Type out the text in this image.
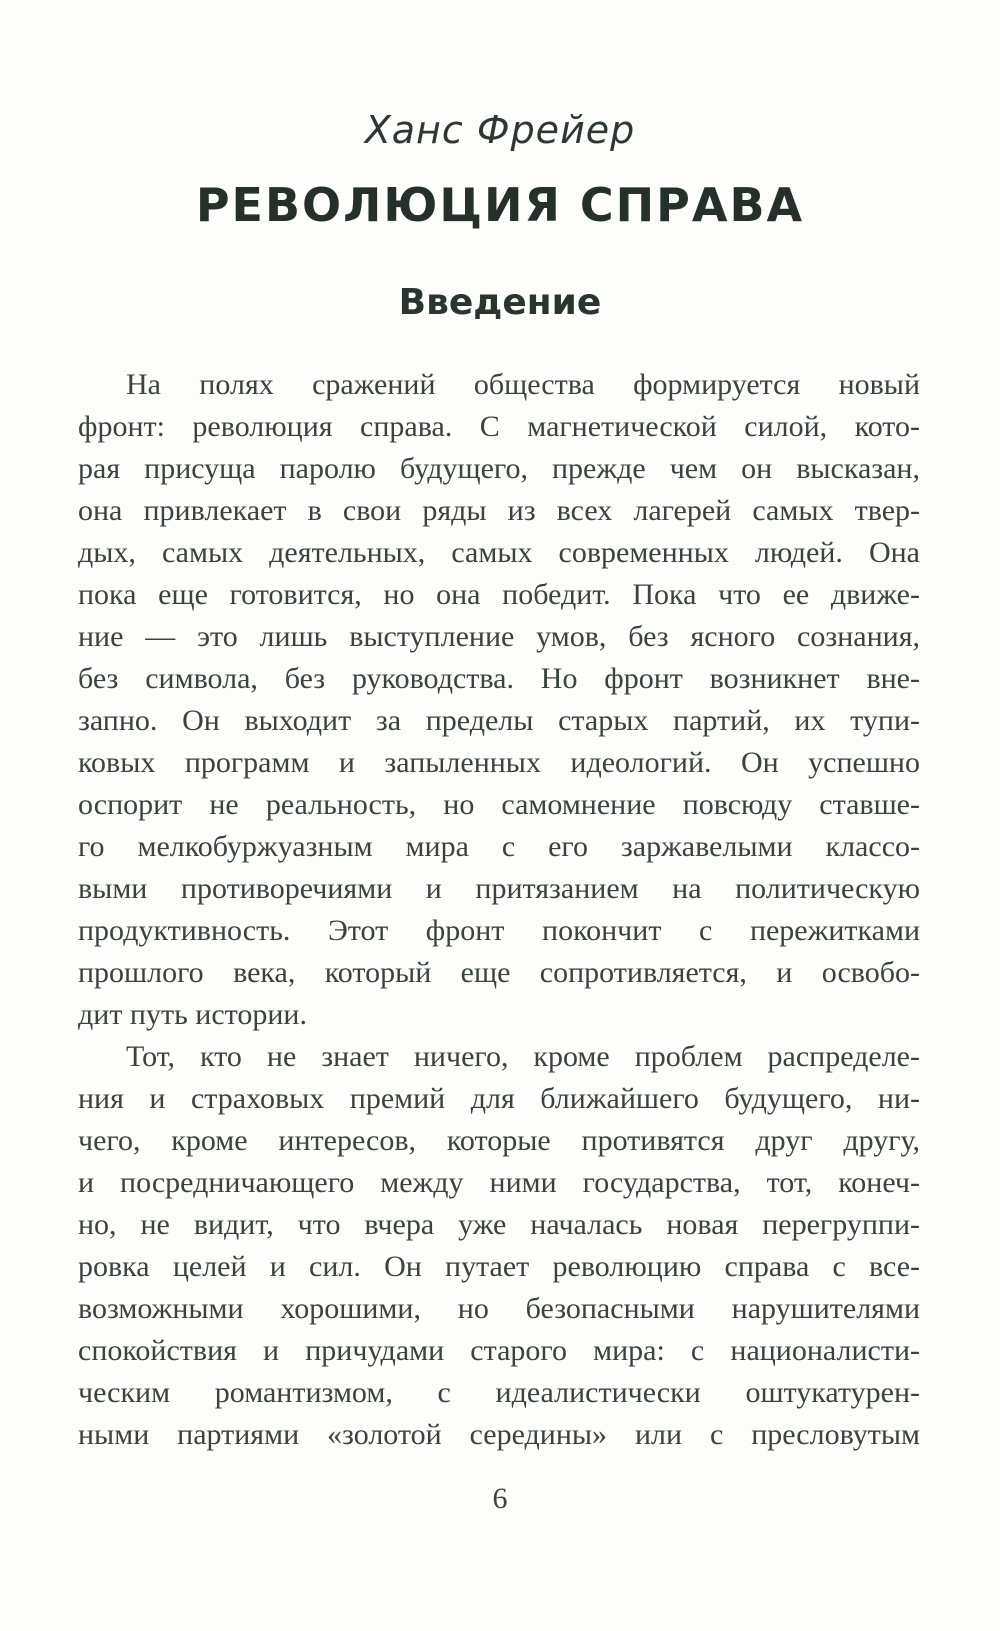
Ханс Фрейер
РЕВОЛЮЦИЯ СПРАВА
Введение
На полях сражений общества формируется новый
фронт: революция справа. С магнетической силой, кото-
рая присуща паролю будущего, прежде чем он высказан,
она привлекает в свои ряды из всех лагерей самых твер-
дых, самых деятельных, самых современных людей. Она
пока еще готовится, но она победит. Пока что ее движе-
ние — это лишь выступление умов, без ясного сознания,
без символа, без руководства. Но фронт возникнет вне-
запно. Он выходит за пределы старых партий, их тупи-
ковых программ и запыленных идеологий. Он успешно
оспорит не реальность, но самомнение повсюду ставше-
го мелкобуржуазным мира с его заржавелыми классо-
выми противоречиями и притязанием на политическую
продуктивность. Этот фронт покончит с пережитками
прошлого века, который еще сопротивляется, и освобо-
дит путь истории.
Тот, кто не знает ничего, кроме проблем распределе-
ния и страховых премий для ближайшего будущего, ни-
чего, кроме интересов, которые противятся друг другу,
и посредничающего между ними государства, тот, конеч-
но, не видит, что вчера уже началась новая перегруппи-
ровка целей и сил. Он путает революцию справа с все-
возможными хорошими, но безопасными нарушителями
спокойствия и причудами старого мира: с националисти-
ческим романтизмом, с идеалистически оштукатурен-
ными партиями «золотой середины» или с пресловутым
6
